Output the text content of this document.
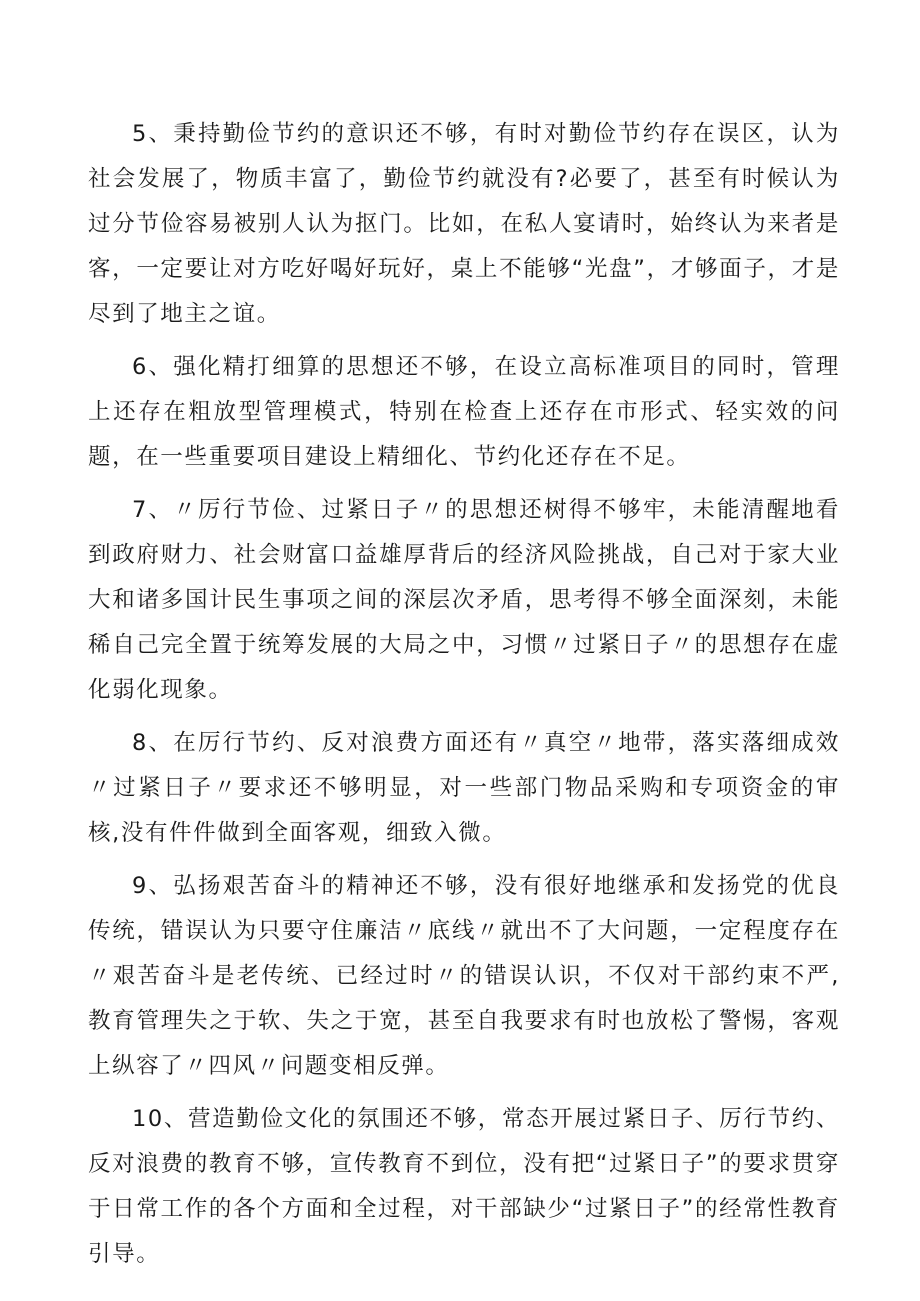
5、秉持勤俭节约的意识还不够，有时对勤俭节约存在误区，认为社会发展了，物质丰富了，勤俭节约就没有?必要了，甚至有时候认为过分节俭容易被别人认为抠门。比如，在私人宴请时，始终认为来者是客，一定要让对方吃好喝好玩好，桌上不能够“光盘”，才够面子，才是尽到了地主之谊。

6、强化精打细算的思想还不够，在设立高标准项目的同时，管理上还存在粗放型管理模式，特别在检查上还存在市形式、轻实效的问题，在一些重要项目建设上精细化、节约化还存在不足。

7、〃厉行节俭、过紧日子〃的思想还树得不够牢，未能清醒地看到政府财力、社会财富口益雄厚背后的经济风险挑战，自己对于家大业大和诸多国计民生事项之间的深层次矛盾，思考得不够全面深刻，未能稀自己完全置于统筹发展的大局之中，习惯〃过紧日子〃的思想存在虚化弱化现象。

8、在厉行节约、反对浪费方面还有〃真空〃地带，落实落细成效〃过紧日子〃要求还不够明显，对一些部门物品采购和专项资金的审核,没有件件做到全面客观，细致入微。

9、弘扬艰苦奋斗的精神还不够，没有很好地继承和发扬党的优良传统，错误认为只要守住廉洁〃底线〃就出不了大问题，一定程度存在〃艰苦奋斗是老传统、已经过时〃的错误认识，不仅对干部约束不严,教育管理失之于软、失之于宽，甚至自我要求有时也放松了警惕，客观上纵容了〃四风〃问题变相反弹。

10、营造勤俭文化的氛围还不够，常态开展过紧日子、厉行节约、反对浪费的教育不够，宣传教育不到位，没有把“过紧日子”的要求贯穿于日常工作的各个方面和全过程，对干部缺少“过紧日子”的经常性教育引导。
